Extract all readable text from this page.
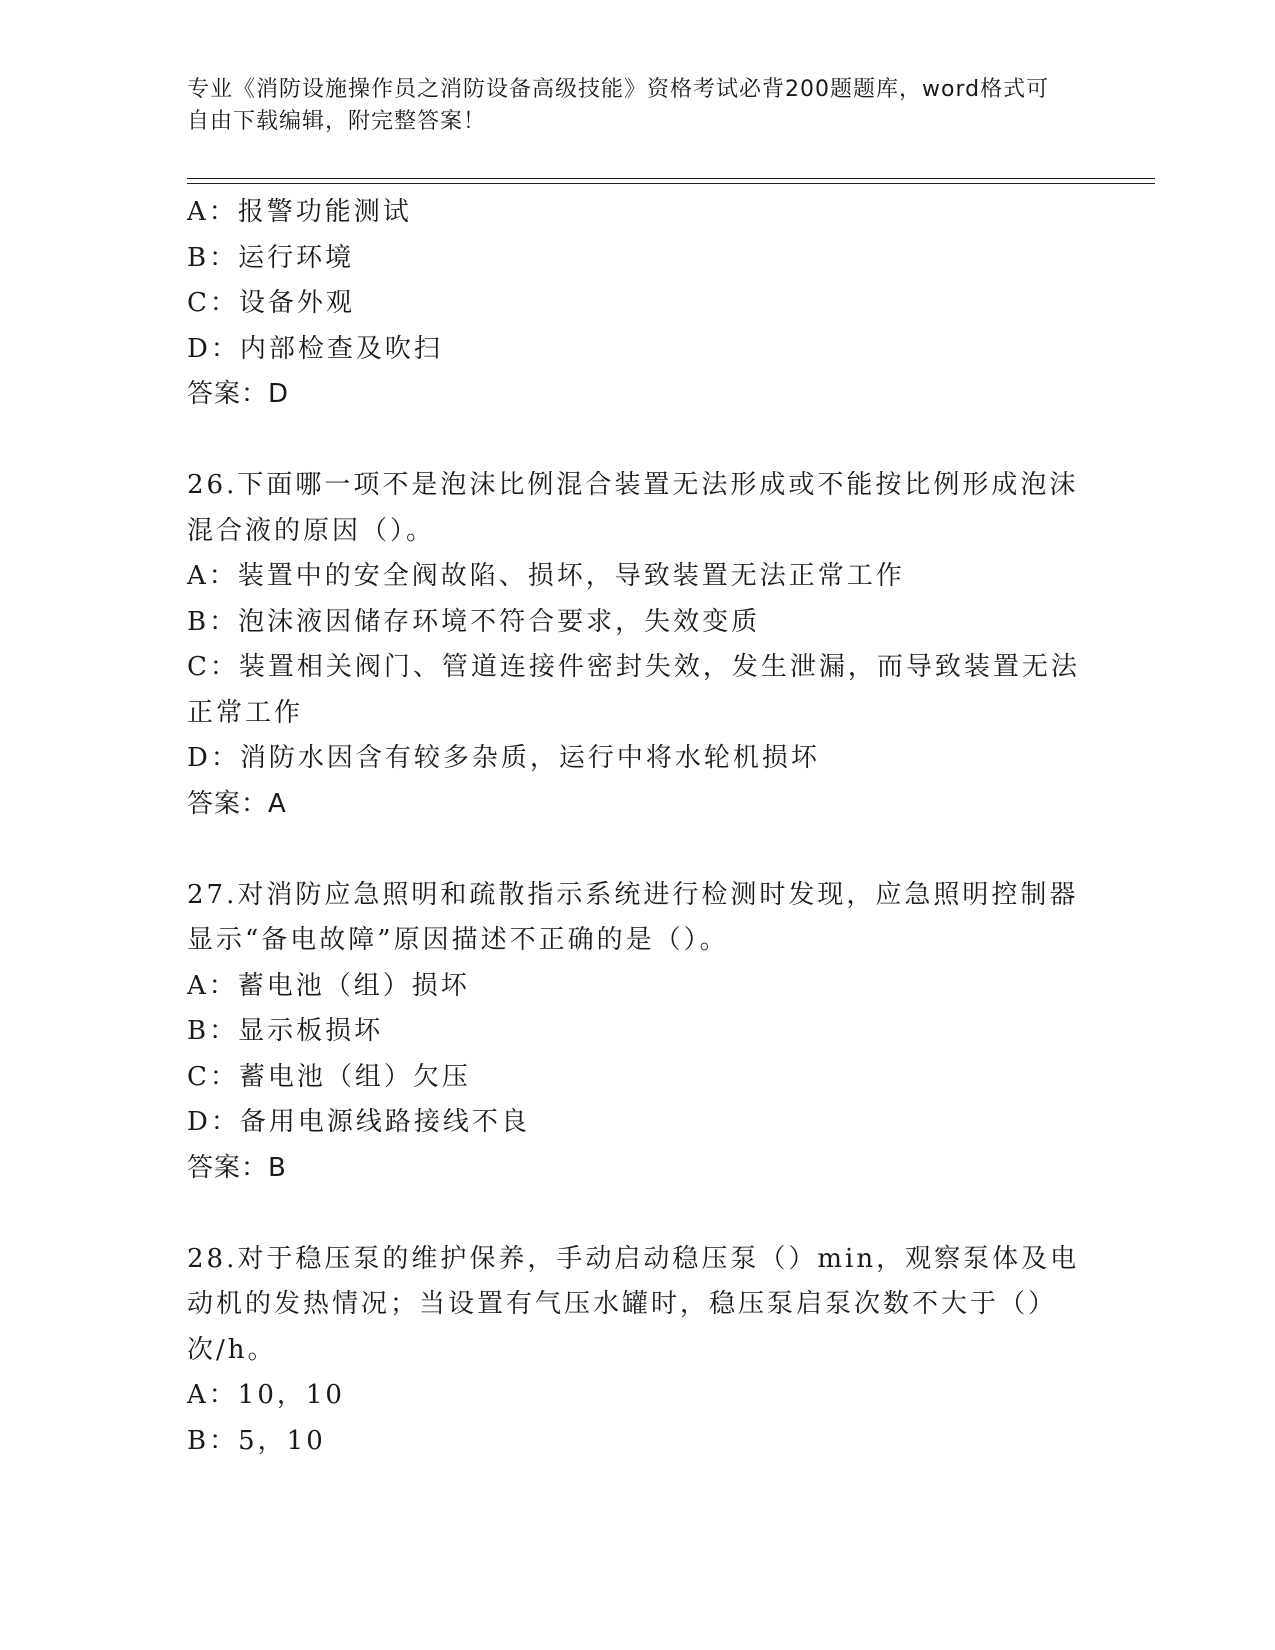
专业《消防设施操作员之消防设备高级技能》资格考试必背200题题库，word格式可自由下载编辑，附完整答案！
A：报警功能测试
B：运行环境
C：设备外观
D：内部检查及吹扫
答案：D
26.下面哪一项不是泡沫比例混合装置无法形成或不能按比例形成泡沫
混合液的原因（）。
A：装置中的安全阀故陷、损坏，导致装置无法正常工作
B：泡沫液因储存环境不符合要求，失效变质
C：装置相关阀门、管道连接件密封失效，发生泄漏，而导致装置无法
正常工作
D：消防水因含有较多杂质，运行中将水轮机损坏
答案：A
27.对消防应急照明和疏散指示系统进行检测时发现，应急照明控制器
显示“备电故障”原因描述不正确的是（）。
A：蓄电池（组）损坏
B：显示板损坏
C：蓄电池（组）欠压
D：备用电源线路接线不良
答案：B
28.对于稳压泵的维护保养，手动启动稳压泵（）min，观察泵体及电
动机的发热情况；当设置有气压水罐时，稳压泵启泵次数不大于（）
次/h。
A：10，10
B：5，10
